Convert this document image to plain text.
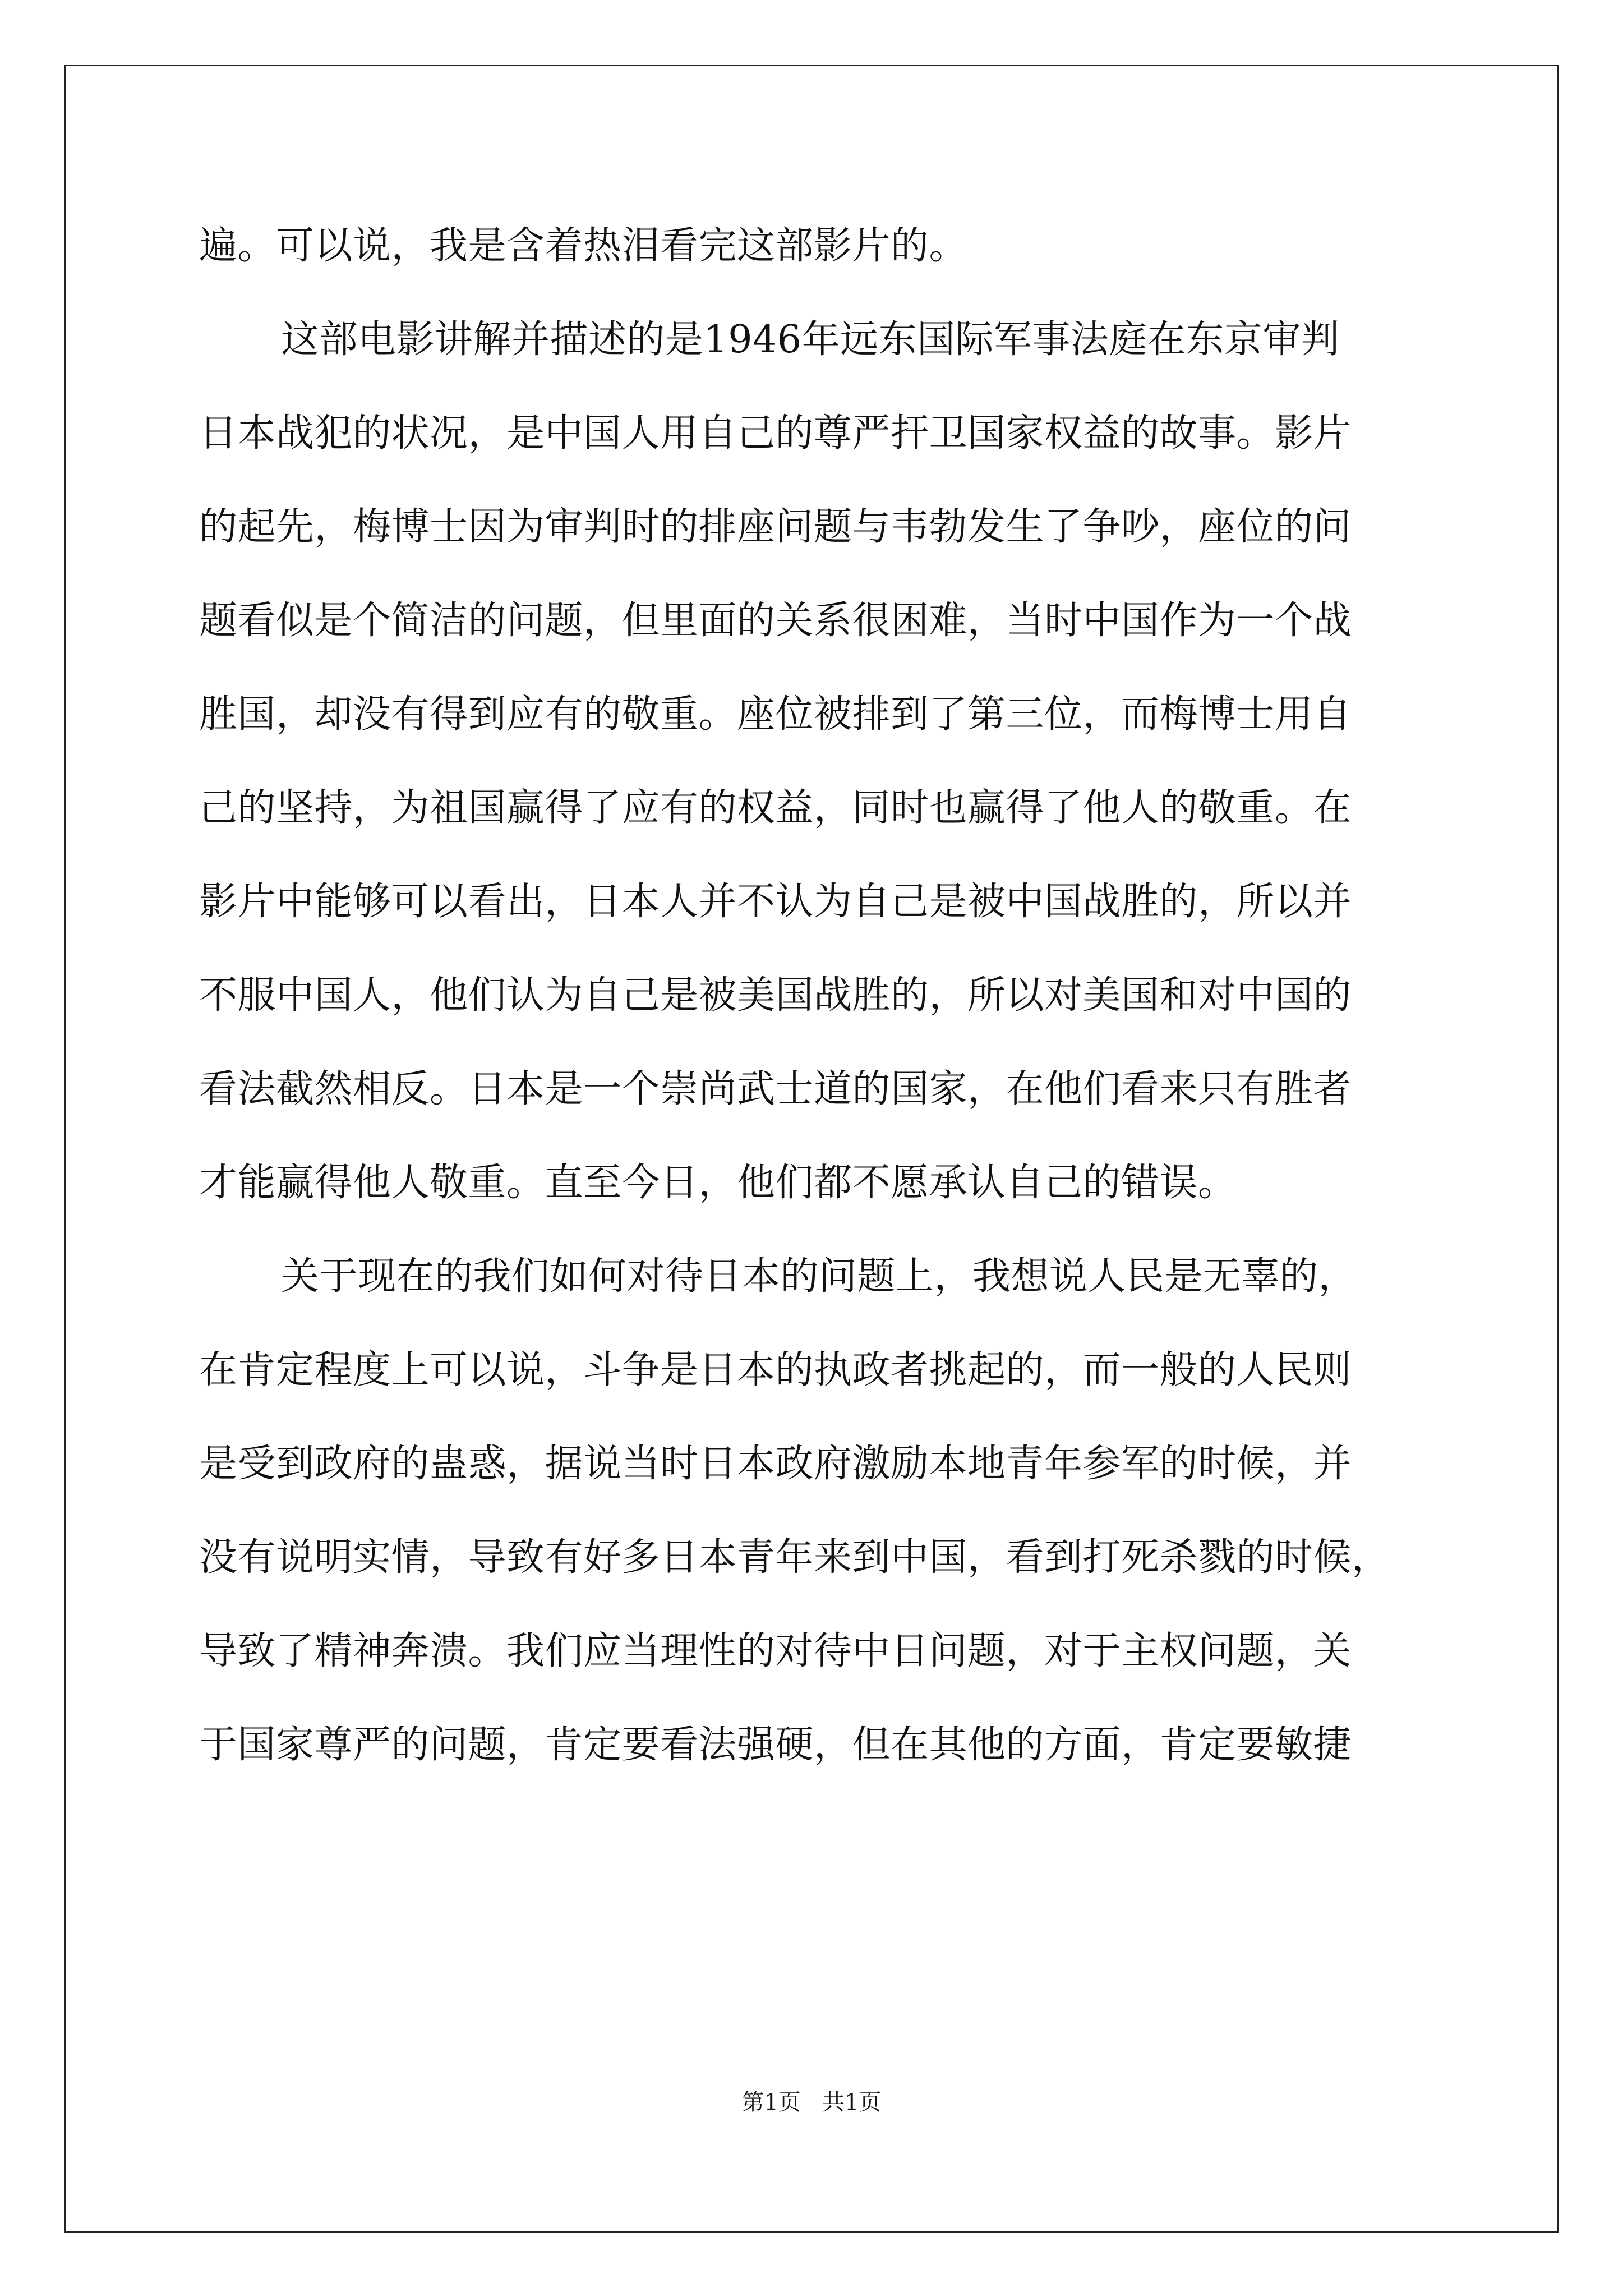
遍。可以说，我是含着热泪看完这部影片的。
这部电影讲解并描述的是1946年远东国际军事法庭在东京审判
日本战犯的状况，是中国人用自己的尊严扞卫国家权益的故事。影片
的起先，梅博士因为审判时的排座问题与韦勃发生了争吵，座位的问
题看似是个简洁的问题，但里面的关系很困难，当时中国作为一个战
胜国，却没有得到应有的敬重。座位被排到了第三位，而梅博士用自
己的坚持，为祖国赢得了应有的权益，同时也赢得了他人的敬重。在
影片中能够可以看出，日本人并不认为自己是被中国战胜的，所以并
不服中国人，他们认为自己是被美国战胜的，所以对美国和对中国的
看法截然相反。日本是一个崇尚武士道的国家，在他们看来只有胜者
才能赢得他人敬重。直至今日，他们都不愿承认自己的错误。
关于现在的我们如何对待日本的问题上，我想说人民是无辜的，
在肯定程度上可以说，斗争是日本的执政者挑起的，而一般的人民则
是受到政府的蛊惑，据说当时日本政府激励本地青年参军的时候，并
没有说明实情，导致有好多日本青年来到中国，看到打死杀戮的时候，
导致了精神奔溃。我们应当理性的对待中日问题，对于主权问题，关
于国家尊严的问题，肯定要看法强硬，但在其他的方面，肯定要敏捷
第1页   共1页
